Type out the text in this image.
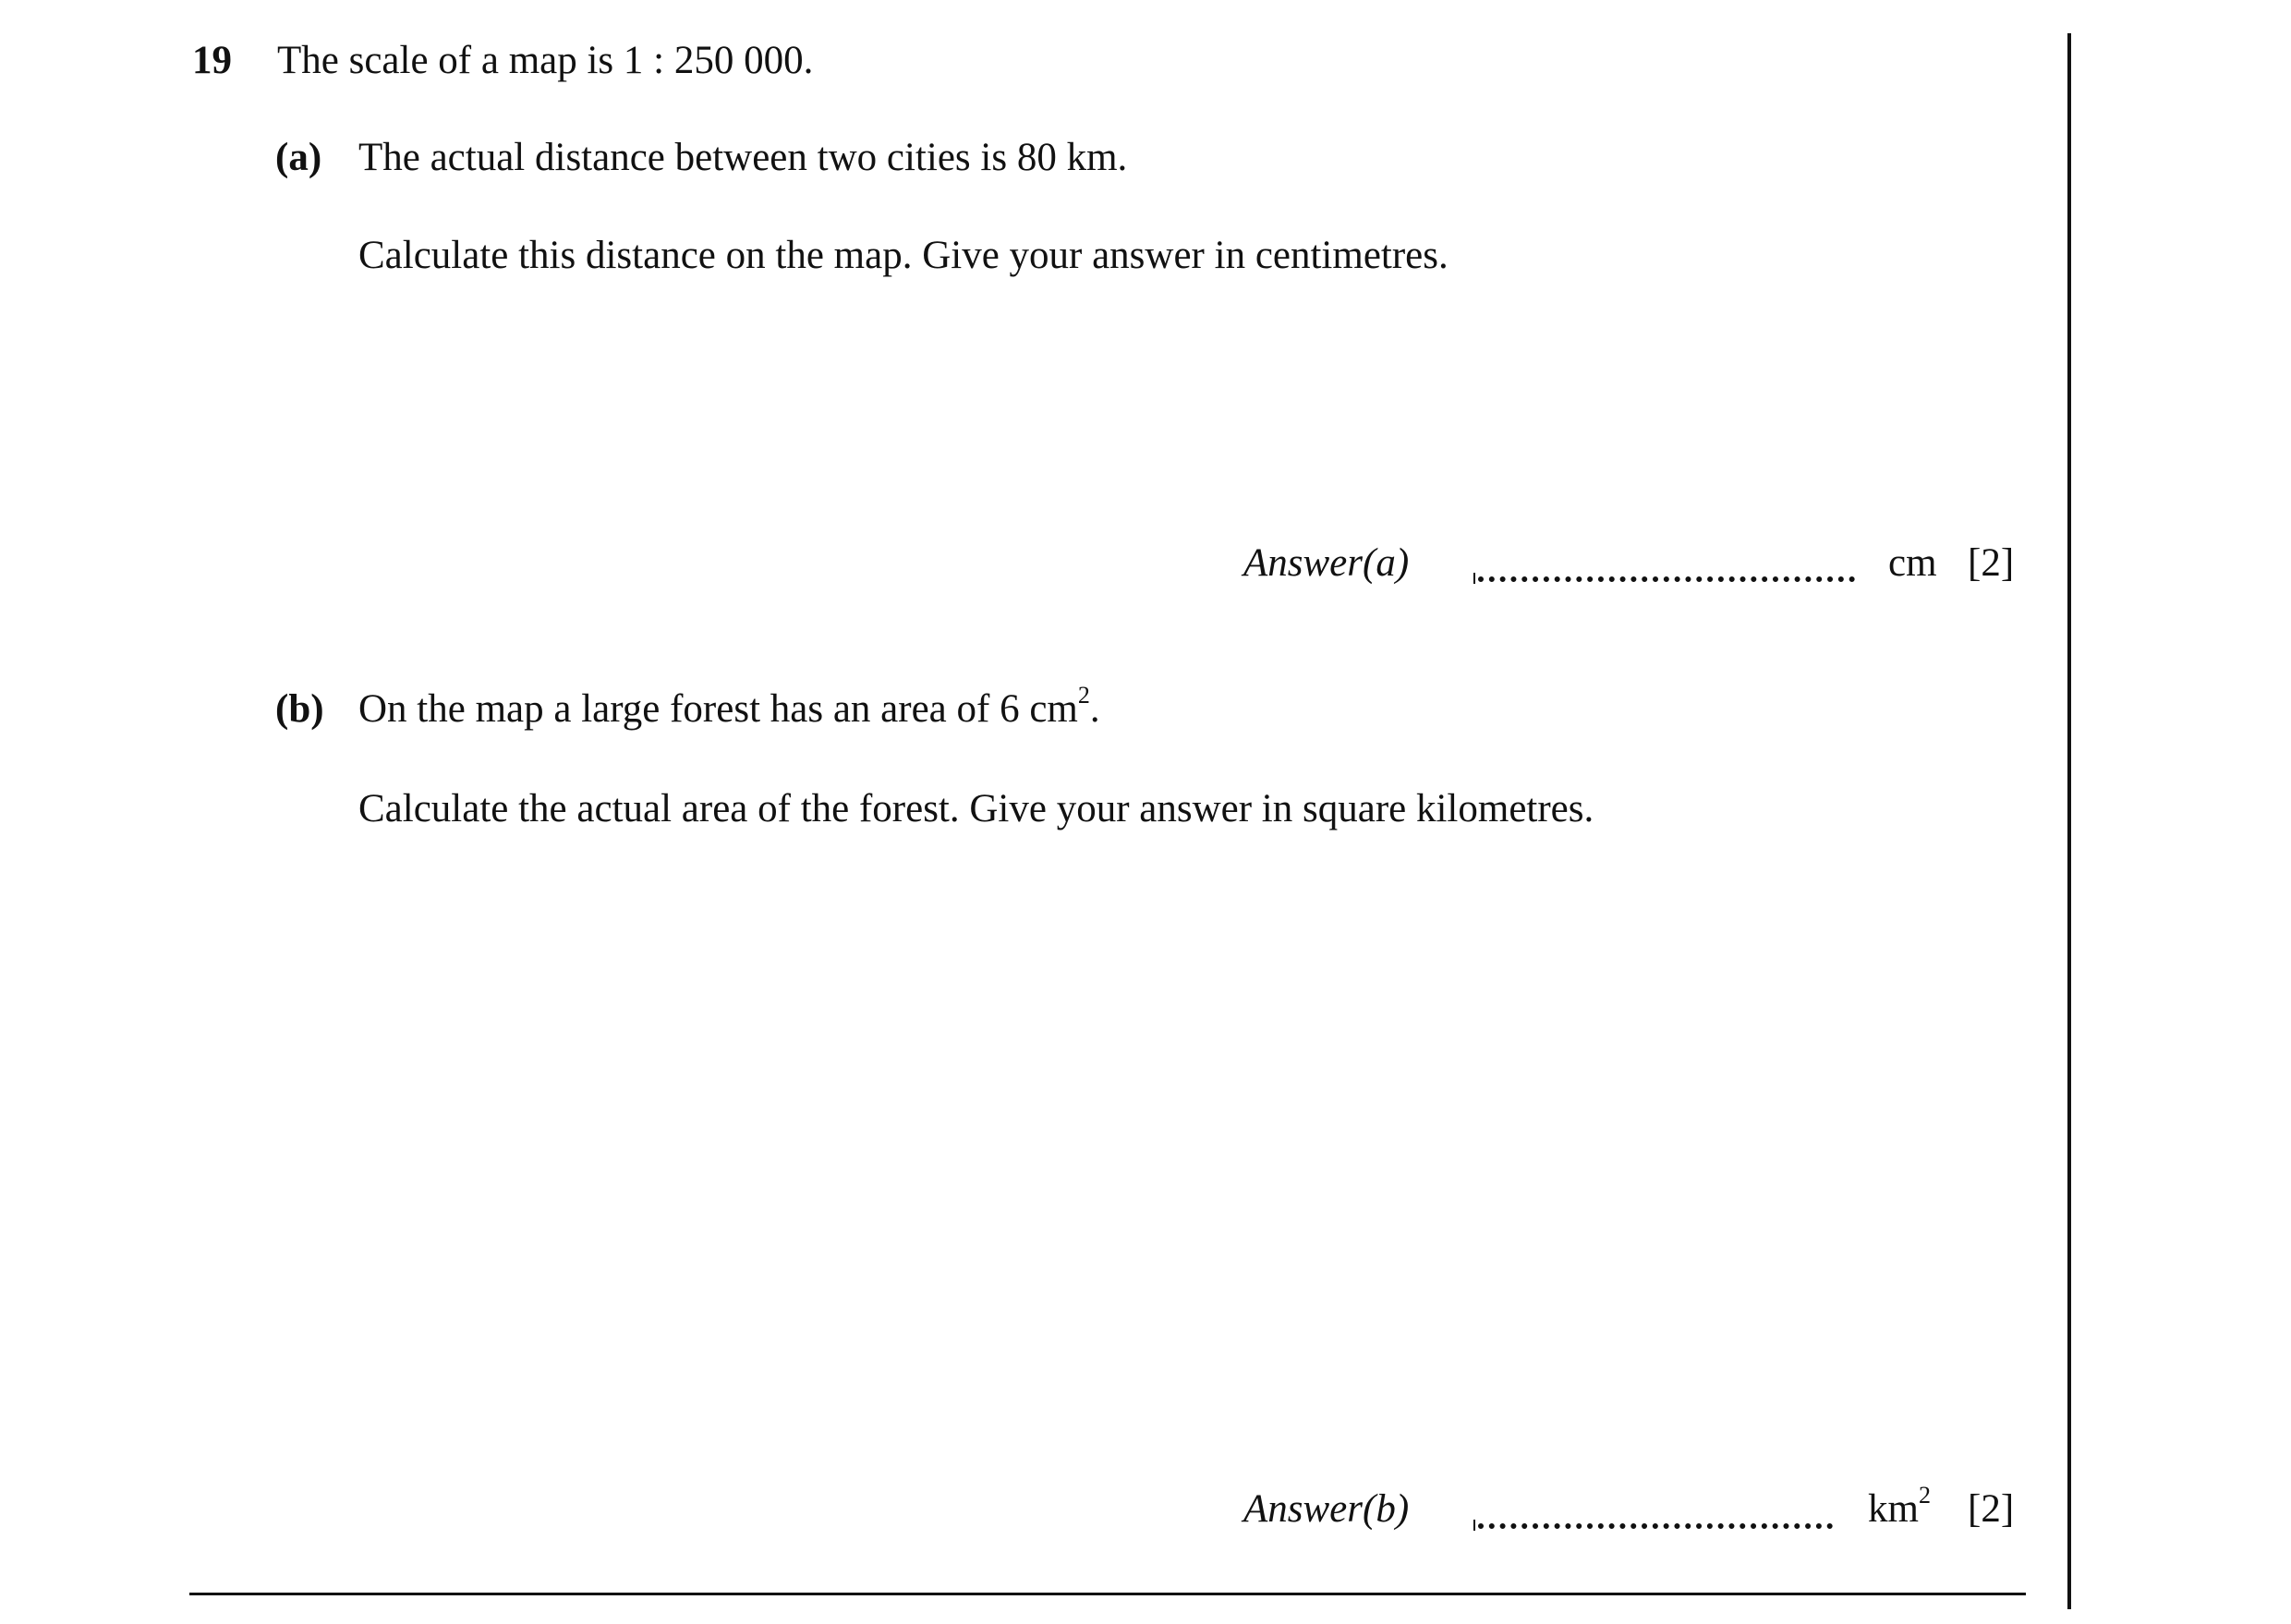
19 The scale of a map is 1 : 250 000.
(a) The actual distance between two cities is 80 km.
Calculate this distance on the map. Give your answer in centimetres.
Answer(a)	cm [2]
(b) On the map a large forest has an area of 6 $cm^2$.
Calculate the actual area of the forest. Give your answer in square kilometres.
Answer(b)	$km^2$ [2]
